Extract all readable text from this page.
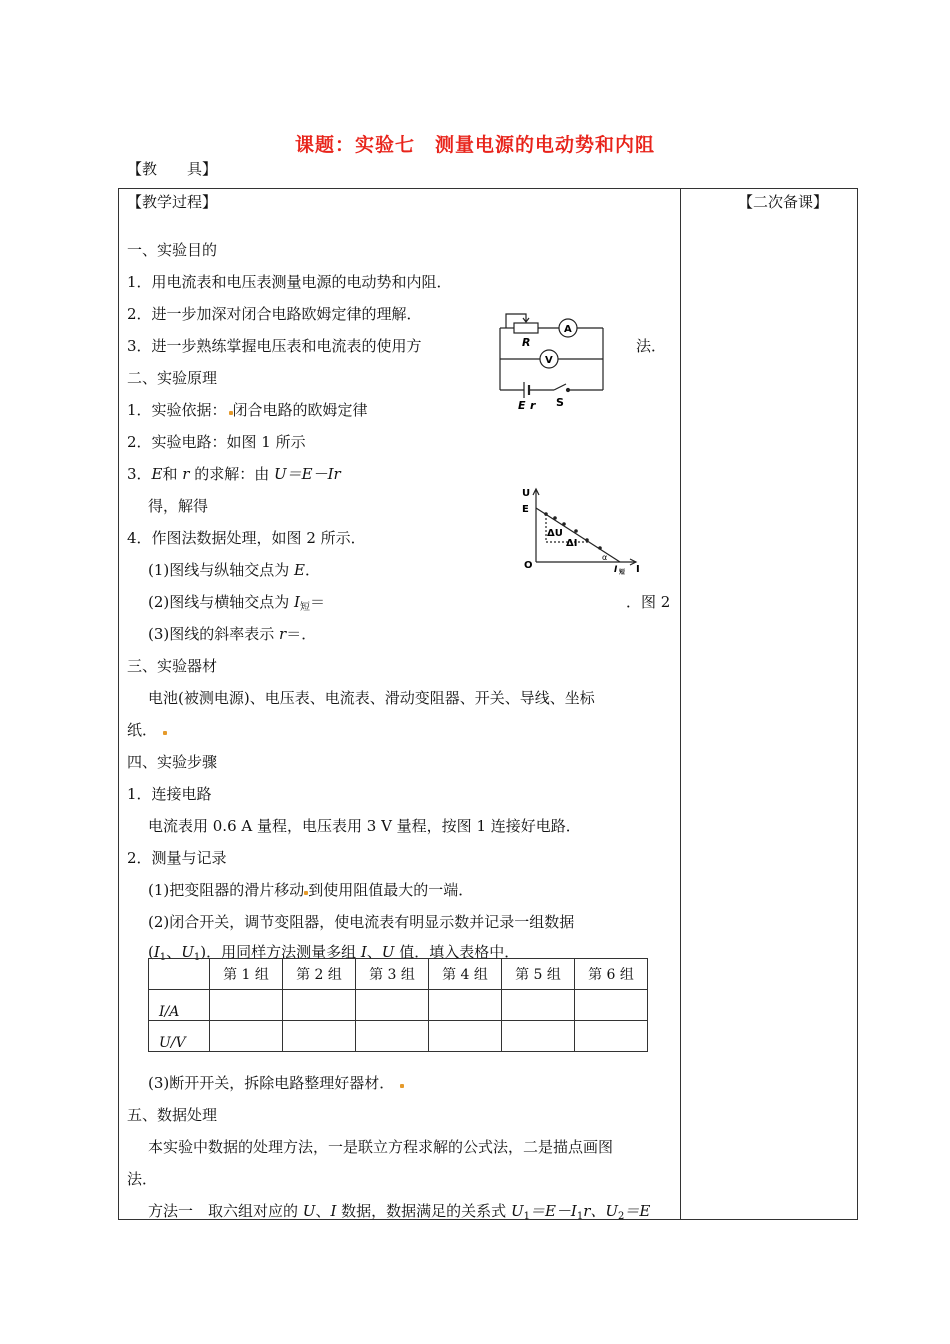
课题：实验七　测量电源的电动势和内阻
【教　　具】
【教学过程】	【二次备课】
一、实验目的
1．用电流表和电压表测量电源的电动势和内阻．
2．进一步加深对闭合电路欧姆定律的理解．
3．进一步熟练掌握电压表和电流表的使用方	法．
二、实验原理
1．实验依据： 闭合电路的欧姆定律
2．实验电路：如图 1 所示
3．E和 r 的求解：由 U＝E－Ir
得，解得
4．作图法数据处理，如图 2 所示．
(1)图线与纵轴交点为 E．
(2)图线与横轴交点为 $I_短=$	．图 2
(3)图线的斜率表示 r＝．
三、实验器材
电池(被测电源)、电压表、电流表、滑动变阻器、开关、导线、坐标
纸．
四、实验步骤
1．连接电路
电流表用 0.6 A 量程，电压表用 3 V 量程，按图 1 连接好电路．
2．测量与记录
(1)把变阻器的滑片移动 到使用阻值最大的一端．
(2)闭合开关，调节变阻器，使电流表有明显示数并记录一组数据
($I_1$、$U_1$)．用同样方法测量多组 I、U 值．填入表格中．
	第 1 组	第 2 组	第 3 组	第 4 组	第 5 组	第 6 组
I/A						
U/V						
(3)断开开关，拆除电路整理好器材．
五、数据处理
本实验中数据的处理方法，一是联立方程求解的公式法，二是描点画图
法．
方法一　取六组对应的 U、I 数据，数据满足的关系式 $U_1=E-I_1r$、$U_2=E$
R
A
V
E r S
U
E
O	I
I 短
ΔU
ΔI
α
